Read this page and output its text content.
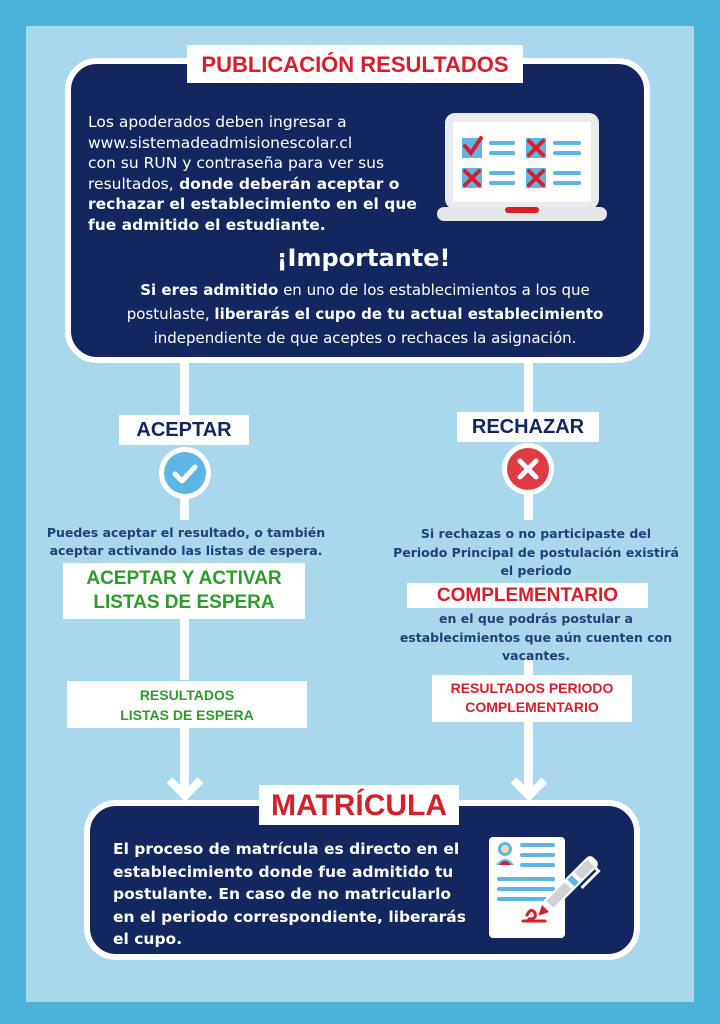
PUBLICACIÓN RESULTADOS
Los apoderados deben ingresar a
www.sistemadeadmisionescolar.cl
con su RUN y contraseña para ver sus
resultados, donde deberán aceptar o
rechazar el establecimiento en el que
fue admitido el estudiante.
¡Importante!
Si eres admitido en uno de los establecimientos a los que
postulaste, liberarás el cupo de tu actual establecimiento
independiente de que aceptes o rechaces la asignación.
ACEPTAR
Puedes aceptar el resultado, o también
aceptar activando las listas de espera.
ACEPTAR Y ACTIVAR
LISTAS DE ESPERA
RESULTADOS
LISTAS DE ESPERA
RECHAZAR
Si rechazas o no participaste del
Periodo Principal de postulación existirá
el periodo
COMPLEMENTARIO
en el que podrás postular a
establecimientos que aún cuenten con
vacantes.
RESULTADOS PERIODO
COMPLEMENTARIO
MATRÍCULA
El proceso de matrícula es directo en el
establecimiento donde fue admitido tu
postulante. En caso de no matricularlo
en el periodo correspondiente, liberarás
el cupo.
